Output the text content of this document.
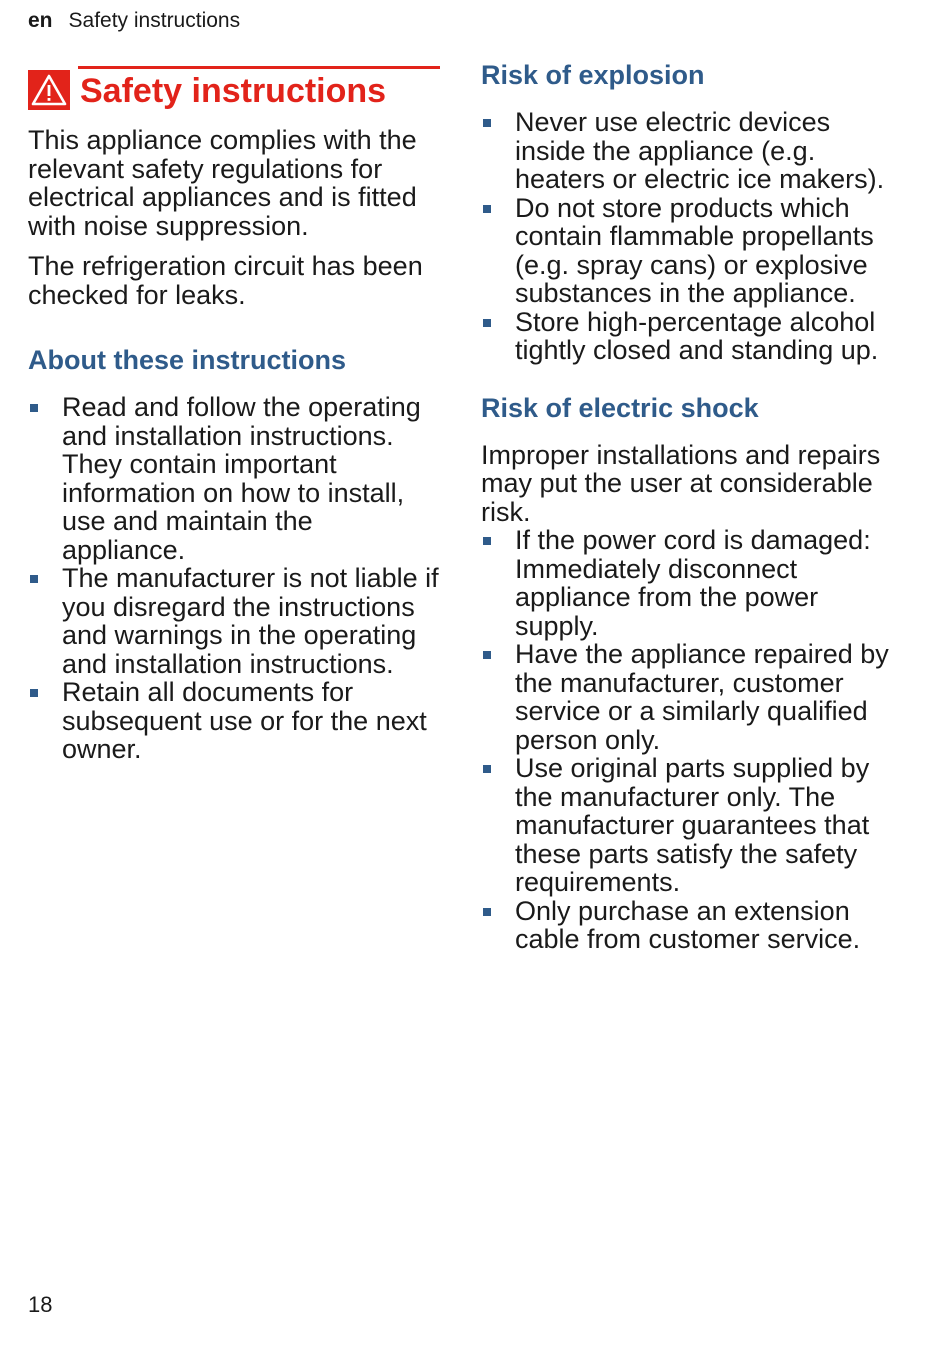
en Safety instructions
Safety instructions

This appliance complies with the relevant safety regulations for electrical appliances and is fitted with noise suppression.

The refrigeration circuit has been checked for leaks.

About these instructions
Read and follow the operating and installation instructions. They contain important information on how to install, use and maintain the appliance.
The manufacturer is not liable if you disregard the instructions and warnings in the operating and installation instructions.
Retain all documents for subsequent use or for the next owner.
Risk of explosion
Never use electric devices inside the appliance (e.g. heaters or electric ice makers).
Do not store products which contain flammable propellants (e.g. spray cans) or explosive substances in the appliance.
Store high-percentage alcohol tightly closed and standing up.
Risk of electric shock

Improper installations and repairs may put the user at considerable risk.

If the power cord is damaged: Immediately disconnect appliance from the power supply.
Have the appliance repaired by the manufacturer, customer service or a similarly qualified person only.
Use original parts supplied by the manufacturer only. The manufacturer guarantees that these parts satisfy the safety requirements.
Only purchase an extension cable from customer service.
18
